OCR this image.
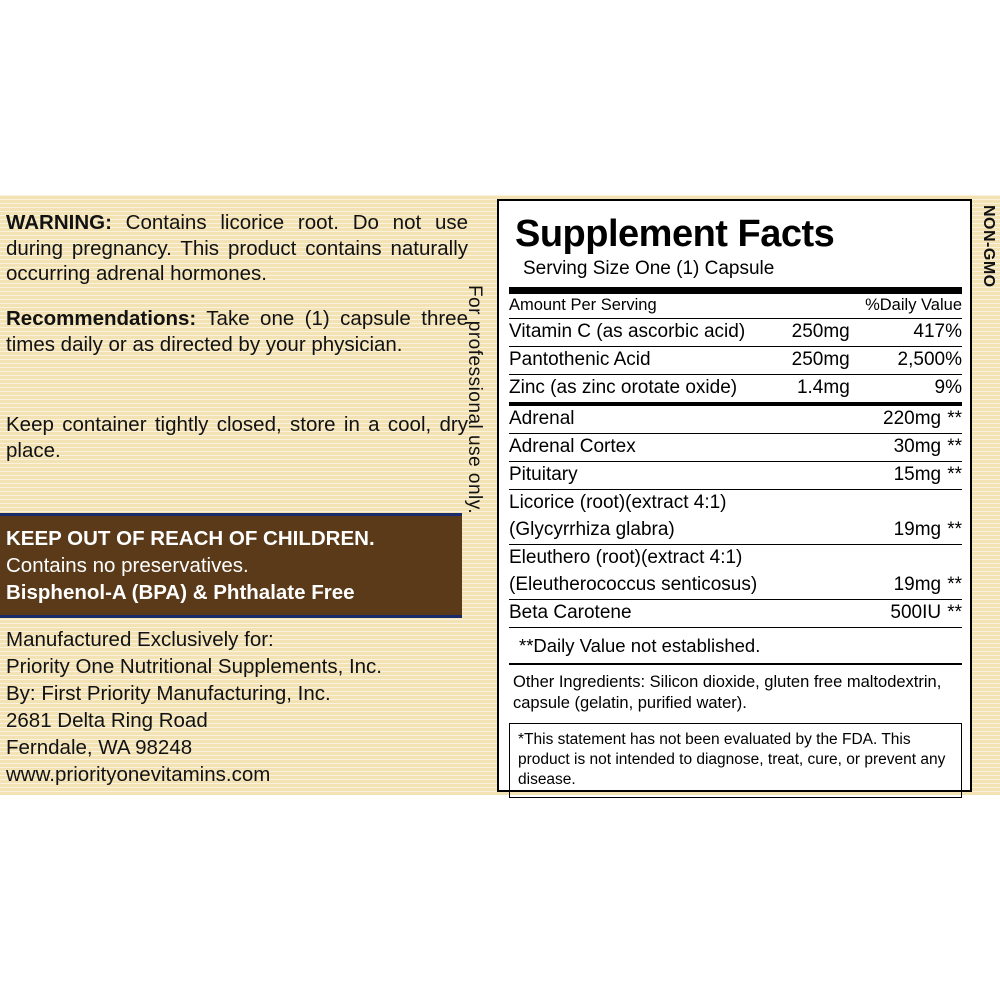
WARNING: Contains licorice root. Do not use during pregnancy. This product contains naturally occurring adrenal hormones.
Recommendations: Take one (1) capsule three times daily or as directed by your physician.
Keep container tightly closed, store in a cool, dry place.
KEEP OUT OF REACH OF CHILDREN.
Contains no preservatives.
Bisphenol-A (BPA) & Phthalate Free
Manufactured Exclusively for:
Priority One Nutritional Supplements, Inc.
By: First Priority Manufacturing, Inc.
2681 Delta Ring Road
Ferndale, WA 98248
www.priorityonevitamins.com
For professional use only.
NON-GMO
Supplement Facts
Serving Size One (1) Capsule
Amount Per Serving		%Daily Value
Vitamin C (as ascorbic acid)	250mg	417%
Pantothenic Acid	250mg	2,500%
Zinc (as zinc orotate oxide)	1.4mg	9%
Adrenal	220mg	**
Adrenal Cortex	30mg	**
Pituitary	15mg	**
Licorice (root)(extract 4:1)		
(Glycyrrhiza glabra)	19mg	**
Eleuthero (root)(extract 4:1)		
(Eleutherococcus senticosus)	19mg	**
Beta Carotene	500IU	**
**Daily Value not established.
Other Ingredients: Silicon dioxide, gluten free maltodextrin, capsule (gelatin, purified water).
*This statement has not been evaluated by the FDA. This product is not intended to diagnose, treat, cure, or prevent any disease.
